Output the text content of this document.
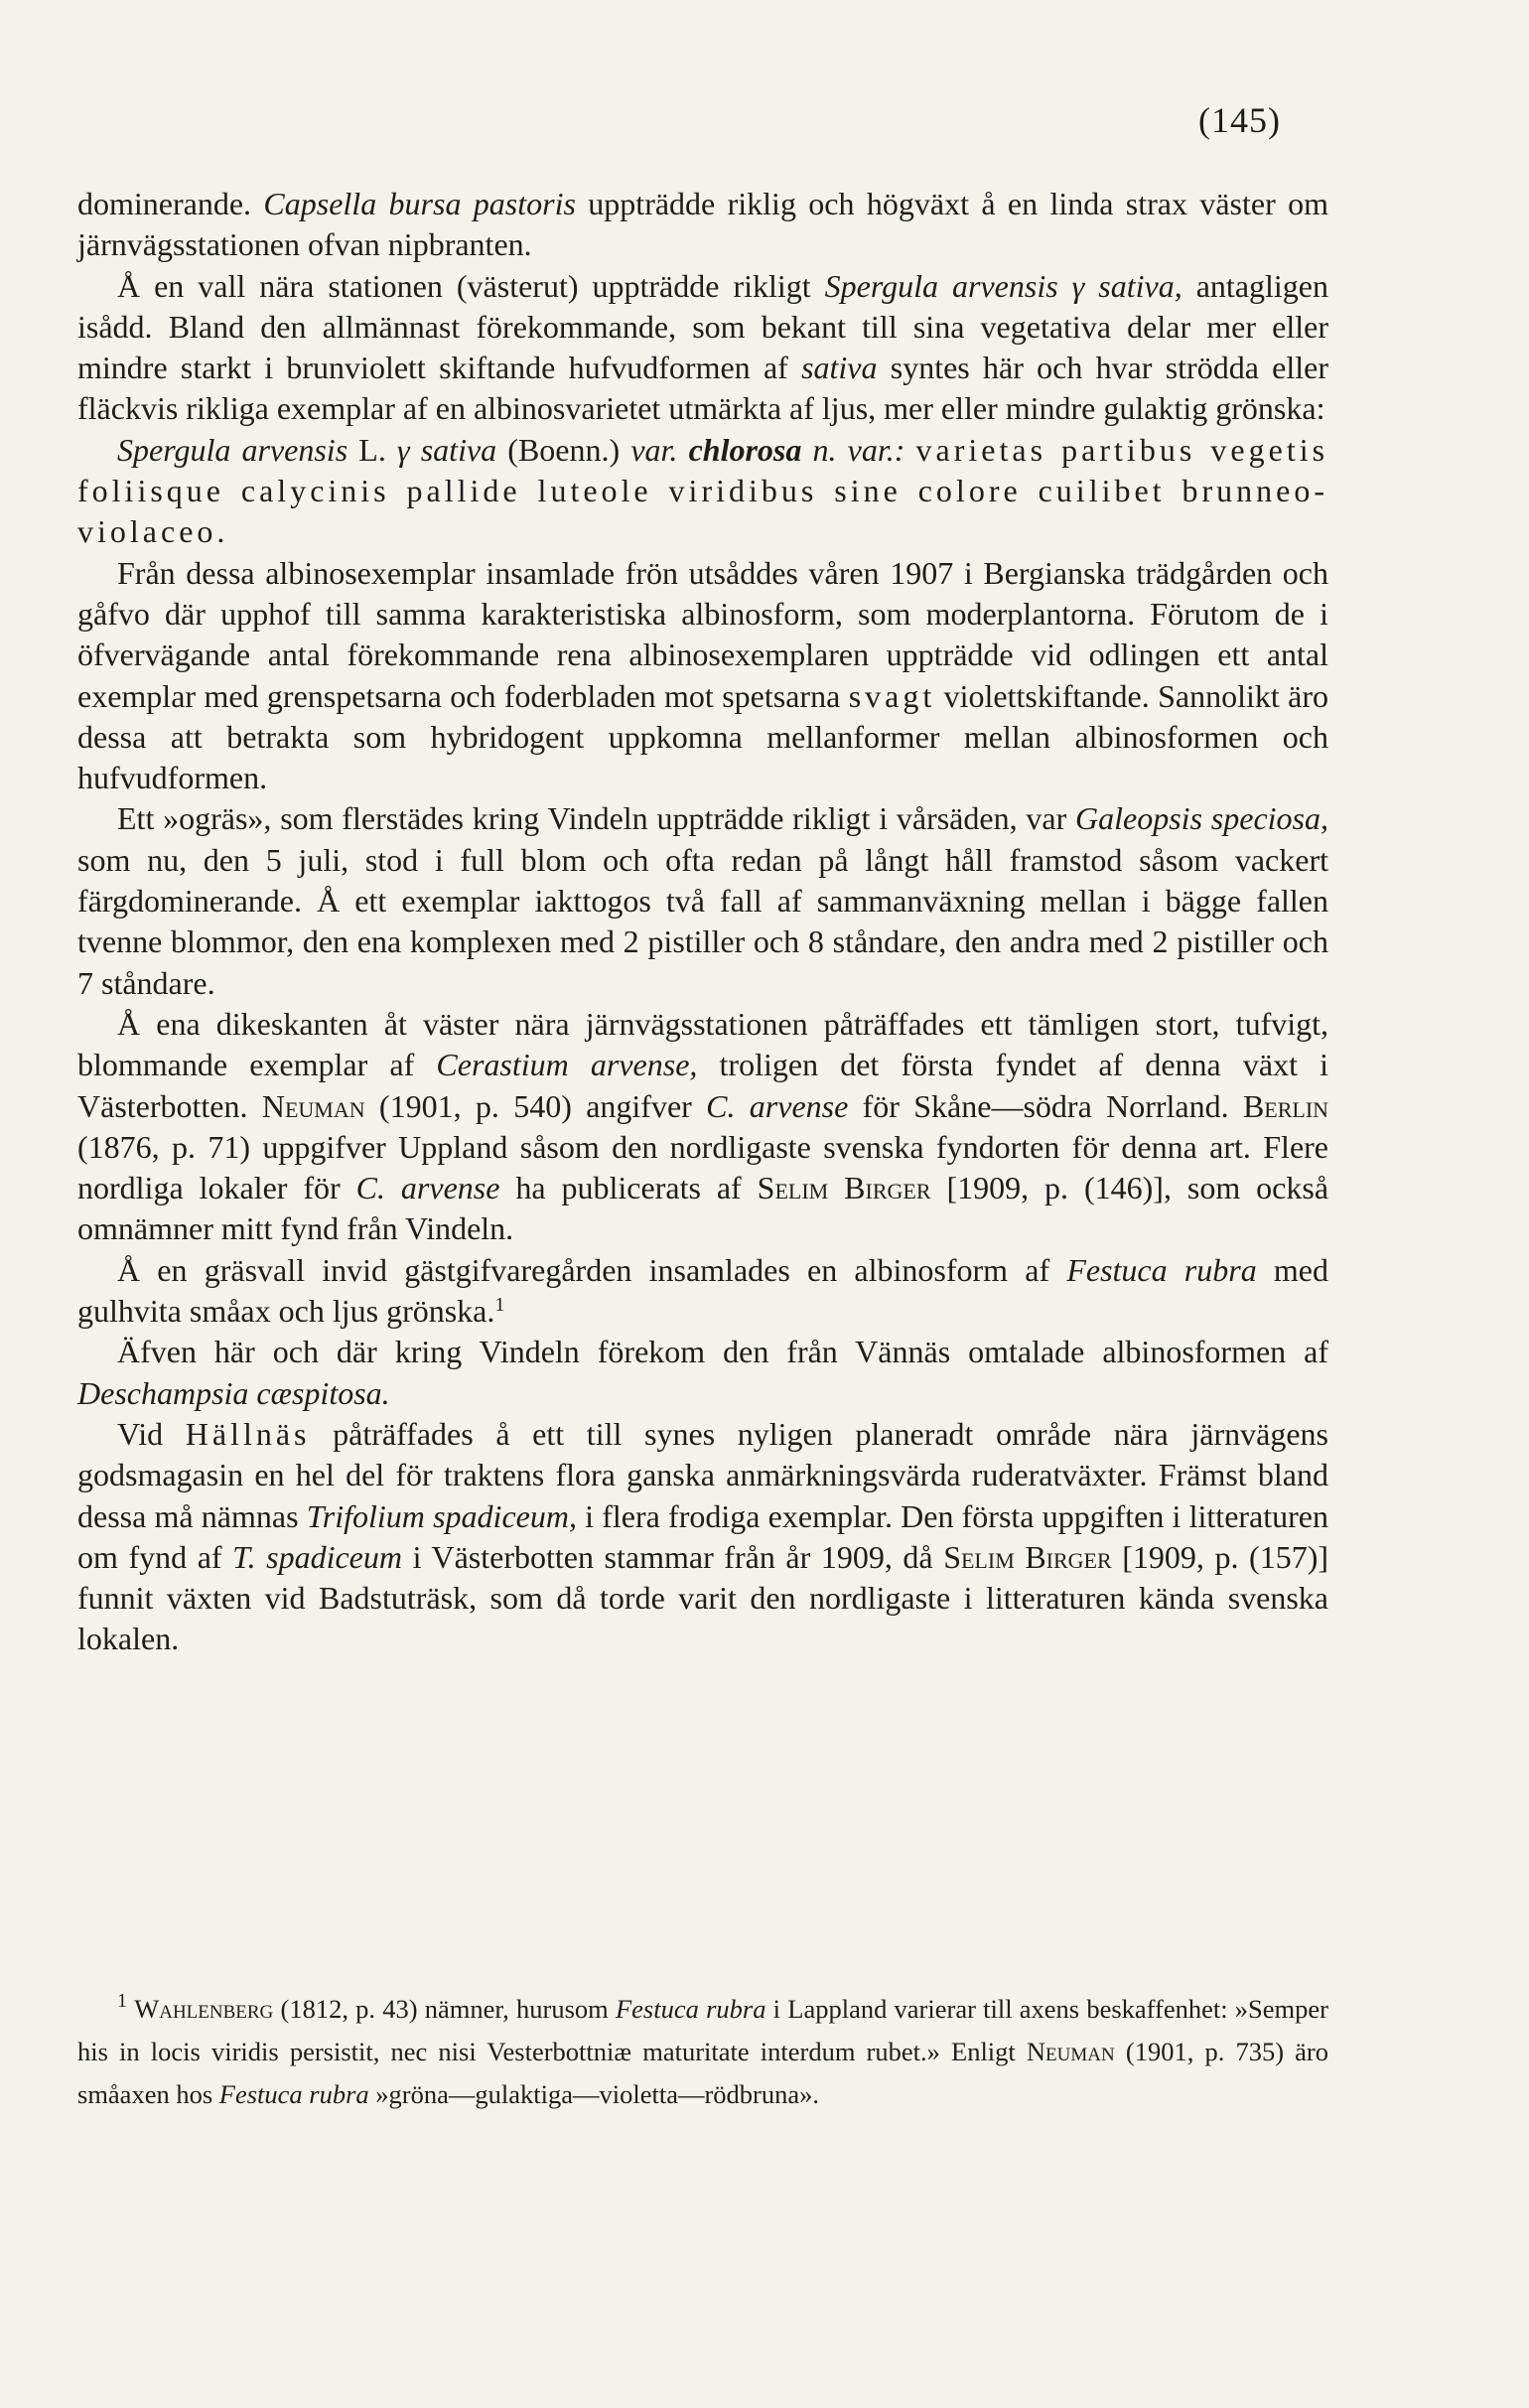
(145)

dominerande. Capsella bursa pastoris uppträdde riklig och högväxt å en linda strax väster om järnvägsstationen ofvan nipbranten.

Å en vall nära stationen (västerut) uppträdde rikligt Spergula arvensis γ sativa, antagligen isådd. Bland den allmännast förekommande, som bekant till sina vegetativa delar mer eller mindre starkt i brunviolett skiftande hufvudformen af sativa syntes här och hvar strödda eller fläckvis rikliga exemplar af en albinosvarietet utmärkta af ljus, mer eller mindre gulaktig grönska:

Spergula arvensis L. γ sativa (Boenn.) var. chlorosa n. var.: varietas partibus vegetis foliisque calycinis pallide luteole viridibus sine colore cuilibet brunneo-violaceo.

Från dessa albinosexemplar insamlade frön utsåddes våren 1907 i Bergianska trädgården och gåfvo där upphof till samma karakteristiska albinosform, som moderplantorna. Förutom de i öfvervägande antal förekommande rena albinosexemplaren uppträdde vid odlingen ett antal exemplar med grenspetsarna och foderbladen mot spetsarna svagt violettskiftande. Sannolikt äro dessa att betrakta som hybridogent uppkomna mellanformer mellan albinosformen och hufvudformen.

Ett »ogräs», som flerstädes kring Vindeln uppträdde rikligt i vårsäden, var Galeopsis speciosa, som nu, den 5 juli, stod i full blom och ofta redan på långt håll framstod såsom vackert färgdominerande. Å ett exemplar iakttogos två fall af sammanväxning mellan i bägge fallen tvenne blommor, den ena komplexen med 2 pistiller och 8 ståndare, den andra med 2 pistiller och 7 ståndare.

Å ena dikeskanten åt väster nära järnvägsstationen påträffades ett tämligen stort, tufvigt, blommande exemplar af Cerastium arvense, troligen det första fyndet af denna växt i Västerbotten. Neuman (1901, p. 540) angifver C. arvense för Skåne—södra Norrland. Berlin (1876, p. 71) uppgifver Uppland såsom den nordligaste svenska fyndorten för denna art. Flere nordliga lokaler för C. arvense ha publicerats af Selim Birger [1909, p. (146)], som också omnämner mitt fynd från Vindeln.

Å en gräsvall invid gästgifvaregården insamlades en albinosform af Festuca rubra med gulhvita småax och ljus grönska.$^1$

Äfven här och där kring Vindeln förekom den från Vännäs omtalade albinosformen af Deschampsia cæspitosa.

Vid Hällnäs påträffades å ett till synes nyligen planeradt område nära järnvägens godsmagasin en hel del för traktens flora ganska anmärkningsvärda ruderatväxter. Främst bland dessa må nämnas Trifolium spadiceum, i flera frodiga exemplar. Den första uppgiften i litteraturen om fynd af T. spadiceum i Västerbotten stammar från år 1909, då Selim Birger [1909, p. (157)] funnit växten vid Badstuträsk, som då torde varit den nordligaste i litteraturen kända svenska lokalen.

$^1$ Wahlenberg (1812, p. 43) nämner, hurusom Festuca rubra i Lappland varierar till axens beskaffenhet: »Semper his in locis viridis persistit, nec nisi Vesterbottniæ maturitate interdum rubet.» Enligt Neuman (1901, p. 735) äro småaxen hos Festuca rubra »gröna—gulaktiga—violetta—rödbruna».
